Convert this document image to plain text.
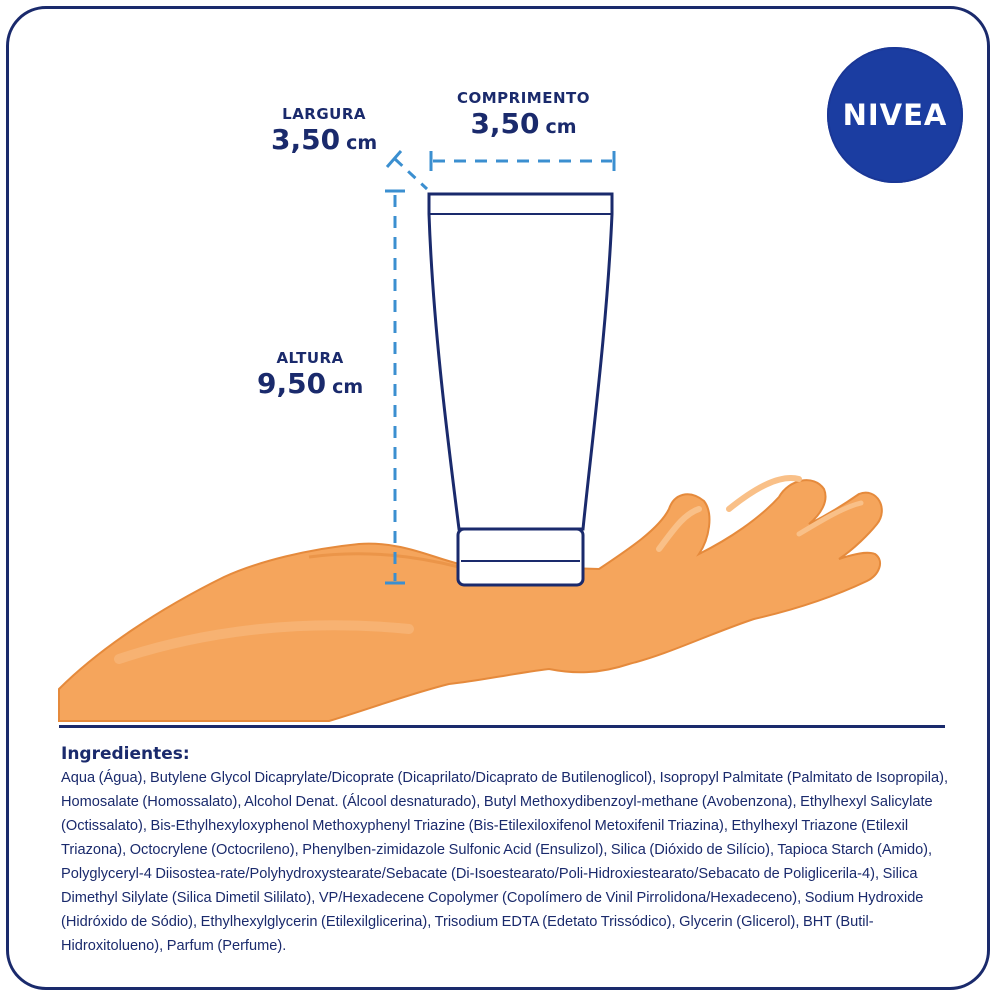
NIVEA
LARGURA
3,50 cm
COMPRIMENTO
3,50 cm
ALTURA
9,50 cm

Ingredientes:

Aqua (Água), Butylene Glycol Dicaprylate/Dicoprate (Dicaprilato/Dicaprato de Butilenoglicol), Isopropyl Palmitate (Palmitato de Isopropila), Homosalate (Homossalato), Alcohol Denat. (Álcool desnaturado), Butyl Methoxydibenzoyl-methane (Avobenzona), Ethylhexyl Salicylate (Octissalato), Bis-Ethylhexyloxyphenol Methoxyphenyl Triazine (Bis-Etilexiloxifenol Metoxifenil Triazina), Ethylhexyl Triazone (Etilexil Triazona), Octocrylene (Octocrileno), Phenylben-zimidazole Sulfonic Acid (Ensulizol), Silica (Dióxido de Silício), Tapioca Starch (Amido), Polyglyceryl-4 Diisostea-rate/Polyhydroxystearate/Sebacate (Di-Isoestearato/Poli-Hidroxiestearato/Sebacato de Poliglicerila-4), Silica Dimethyl Silylate (Silica Dimetil Sililato), VP/Hexadecene Copolymer (Copolímero de Vinil Pirrolidona/Hexadeceno), Sodium Hydroxide (Hidróxido de Sódio), Ethylhexylglycerin (Etilexilglicerina), Trisodium EDTA (Edetato Trissódico), Glycerin (Glicerol), BHT (Butil-Hidroxitolueno), Parfum (Perfume).
